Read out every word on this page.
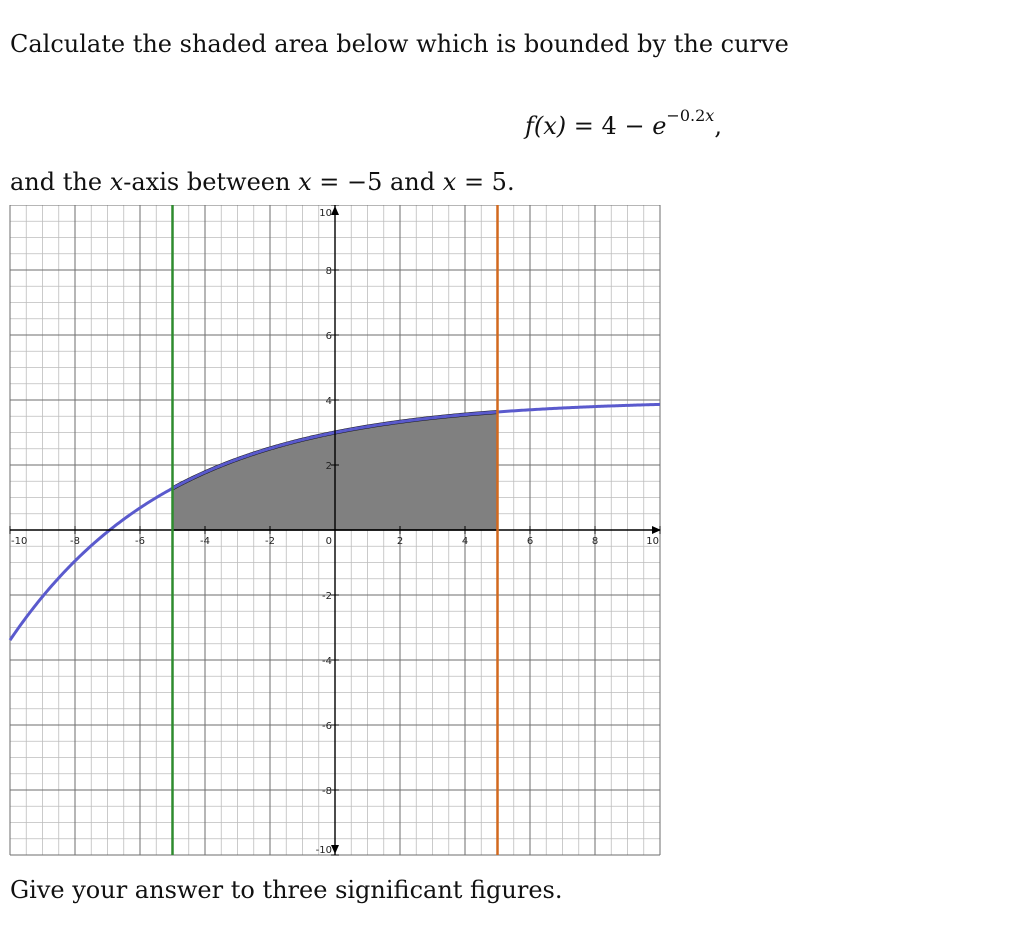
Calculate the shaded area below which is bounded by the curve
$f(x) = 4 - e^{-0.2x}$,
and the x-axis between x = −5 and x = 5.
-10	-8	-6	-4	-2	0	2	4	6	8	10
10
8
6
4
2
-2
-4
-6
-8
-10
Give your answer to three significant figures.
